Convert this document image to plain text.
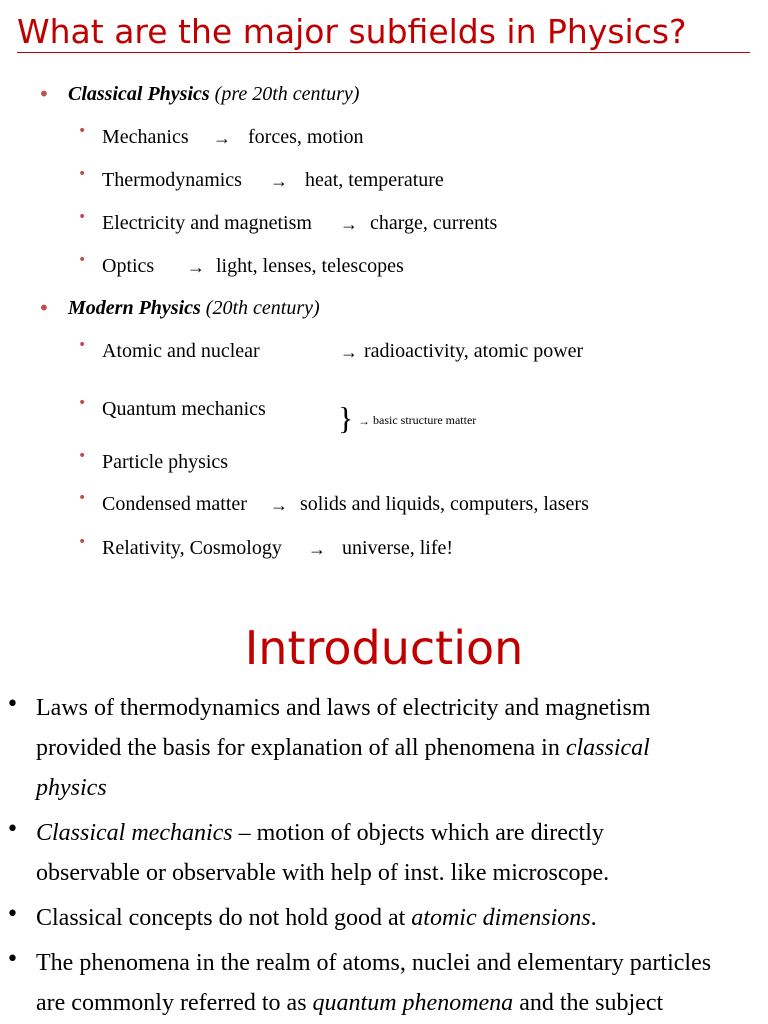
What are the major subfields in Physics?
• Classical Physics (pre 20th century)
• Mechanics → forces, motion
• Thermodynamics → heat, temperature
• Electricity and magnetism → charge, currents
• Optics → light, lenses, telescopes
• Modern Physics (20th century)
• Atomic and nuclear	→ radioactivity, atomic power
• Quantum mechanics } → basic structure matter
• Particle physics
• Condensed matter → solids and liquids, computers, lasers
• Relativity, Cosmology → universe, life!
Introduction
• Laws of thermodynamics and laws of electricity and magnetism
provided the basis for explanation of all phenomena in classical
physics
• Classical mechanics – motion of objects which are directly
observable or observable with help of inst. like microscope.
• Classical concepts do not hold good at atomic dimensions.
• The phenomena in the realm of atoms, nuclei and elementary particles
are commonly referred to as quantum phenomena and the subject
